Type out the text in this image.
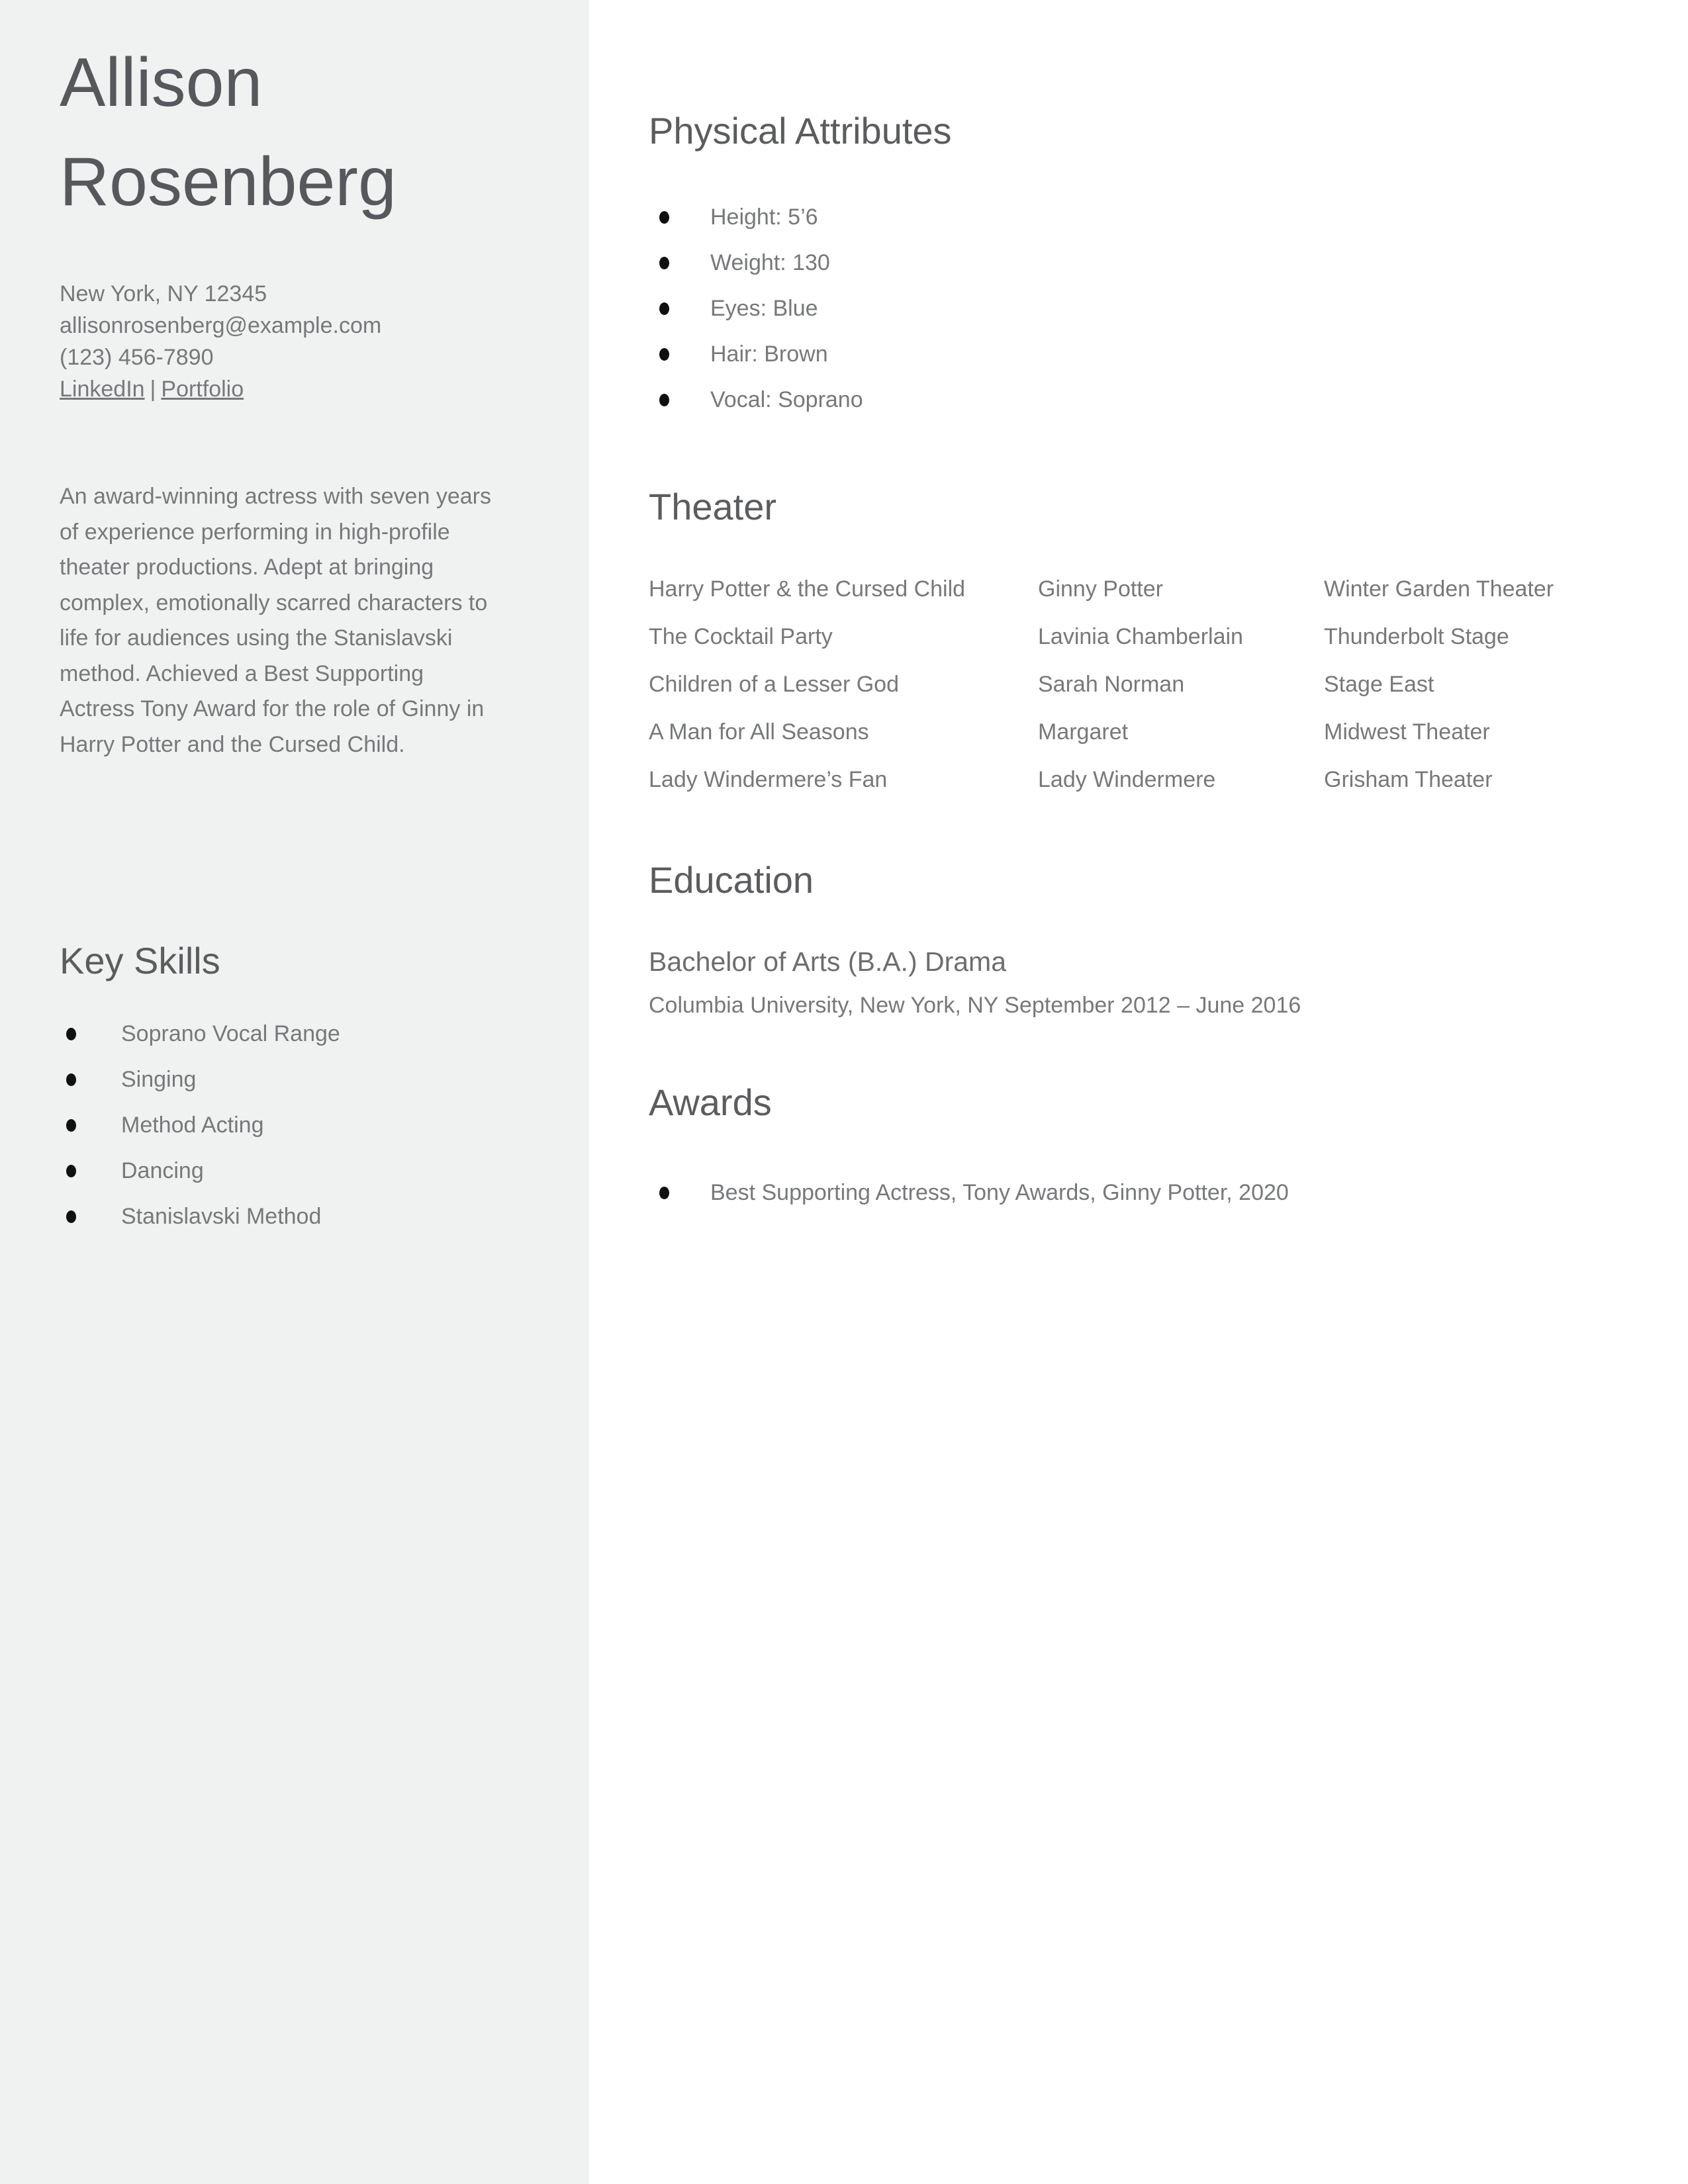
Allison
Rosenberg
New York, NY 12345
allisonrosenberg@example.com
(123) 456-7890
LinkedIn | Portfolio

An award-winning actress with seven years of experience performing in high-profile theater productions. Adept at bringing complex, emotionally scarred characters to life for audiences using the Stanislavski method. Achieved a Best Supporting Actress Tony Award for the role of Ginny in Harry Potter and the Cursed Child.

Key Skills
Soprano Vocal Range
Singing
Method Acting
Dancing
Stanislavski Method
Physical Attributes
Height: 5’6
Weight: 130
Eyes: Blue
Hair: Brown
Vocal: Soprano
Theater
Harry Potter & the Cursed Child	Ginny Potter	Winter Garden Theater
The Cocktail Party	Lavinia Chamberlain	Thunderbolt Stage
Children of a Lesser God	Sarah Norman	Stage East
A Man for All Seasons	Margaret	Midwest Theater
Lady Windermere’s Fan	Lady Windermere	Grisham Theater
Education
Bachelor of Arts (B.A.) Drama
Columbia University, New York, NY September 2012 – June 2016
Awards
Best Supporting Actress, Tony Awards, Ginny Potter, 2020
